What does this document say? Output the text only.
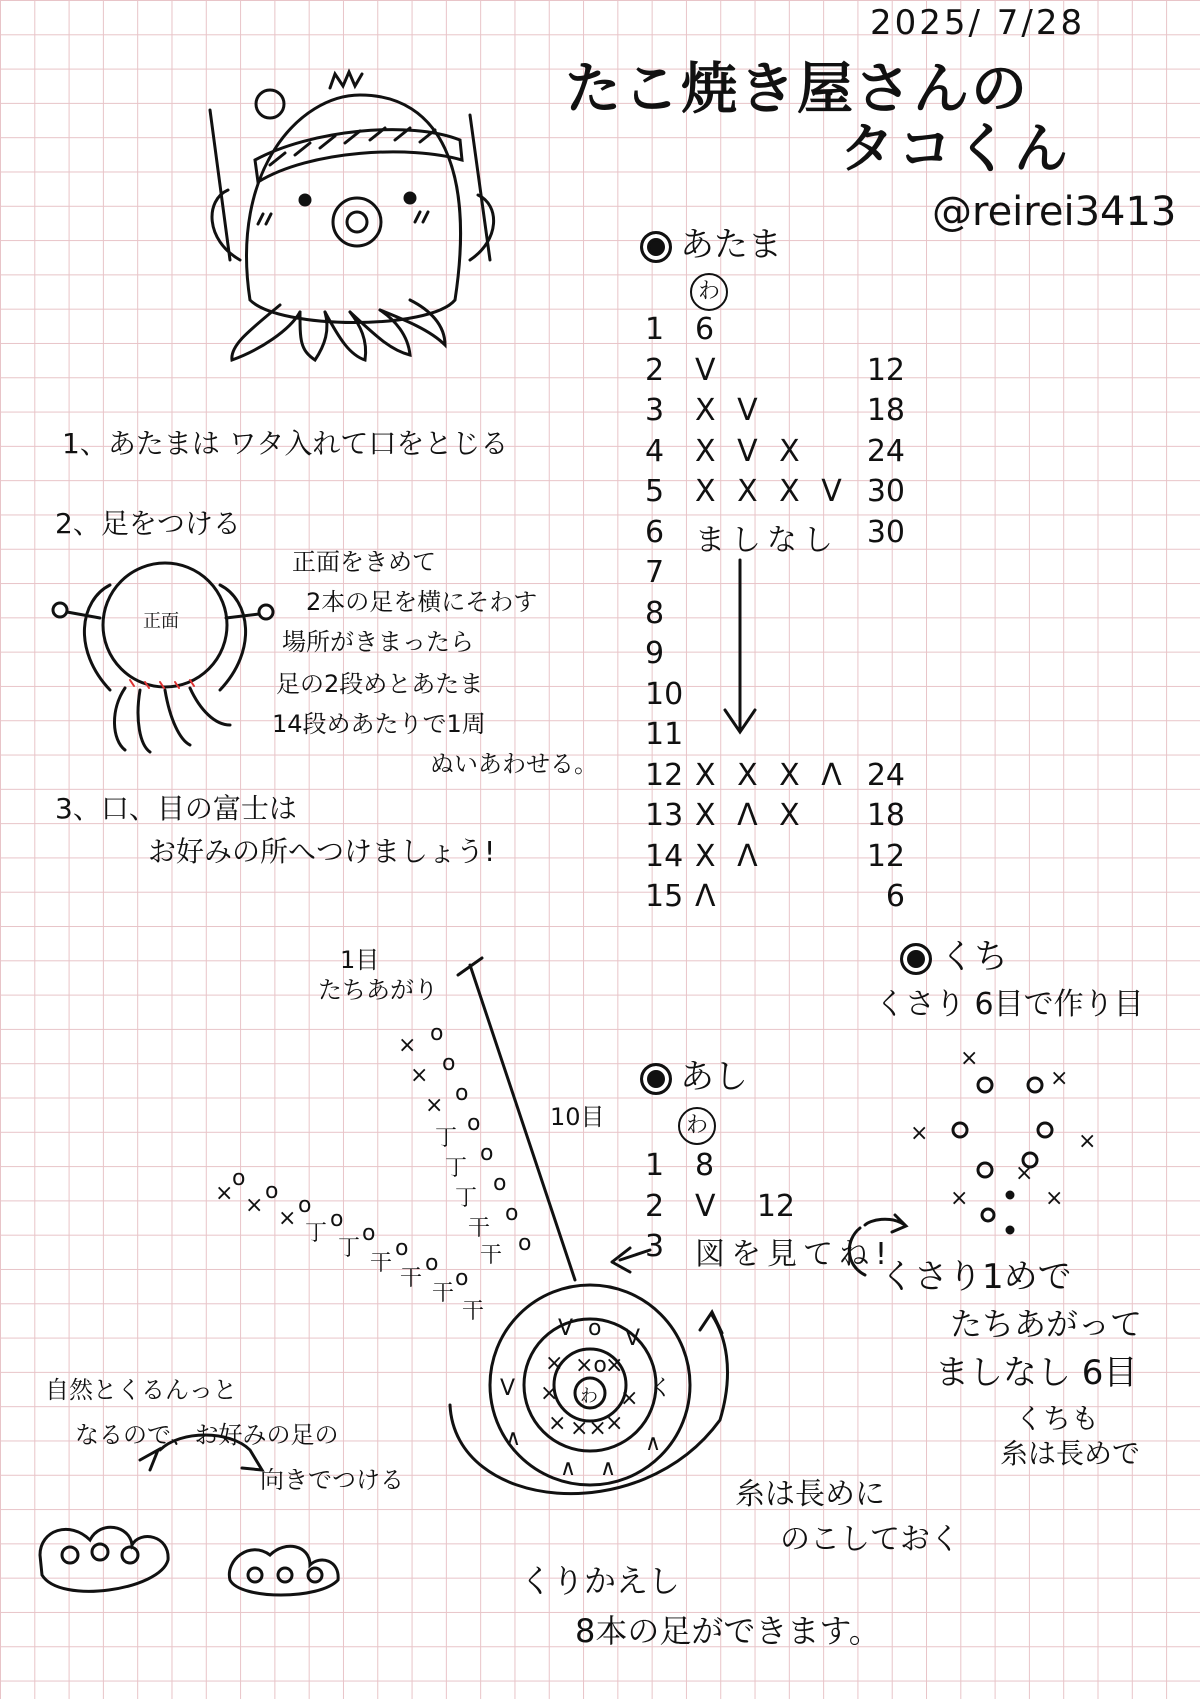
2025/ 7/28
たこ焼き屋さんの
タコくん
@reirei3413
×
×
×
丁
丁
丁
干
干
o
o
o
o
o
o
o
o
× ×
×
丁
丁
干
干
干
干
o
o
o
o
o
o
o
o
V o V
× ×o
×
×	×
× ××
×
わ
V	く
∧
∧ ∧
∧
×
×
×	×
×	×
×
あたま
わ
1	6
2	V	12
3	X V	18
4	X V X	24
5	X X X V 30
6	ましなし 30
7
8
9
10
11
12 X X X Λ 24
13 X Λ X	18
14 X Λ	12
15 Λ	6
1、あたまは ワタ入れて口をとじる
2、足をつける
正面
正面をきめて
2本の足を横にそわす
場所がきまったら
足の2段めとあたま
14段めあたりで1周
ぬいあわせる。
3、口、目の富士は
お好みの所へつけましょう!
くち
くさり 6目で作り目
くさり1めで
たちあがって
ましなし 6目
くちも
糸は長めで
あし
わ
1	8
2	V	12
3	図を見てね!
10目
1目
たちあがり
自然とくるんっと
なるので、お好みの足の
向きでつける	糸は長めに
のこしておく
くりかえし
8本の足ができます。
